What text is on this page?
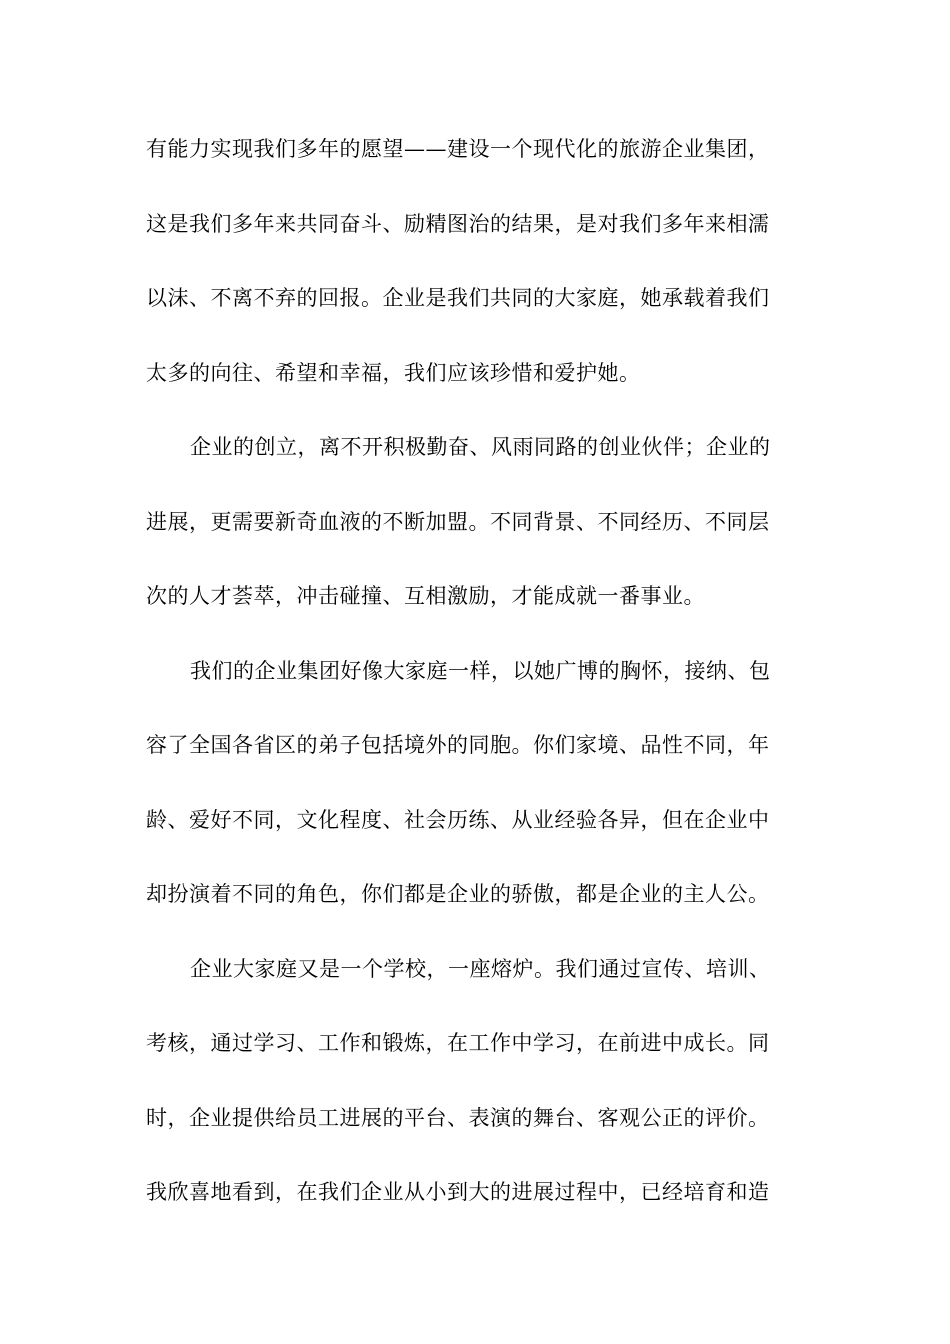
有能力实现我们多年的愿望——建设一个现代化的旅游企业集团，
这是我们多年来共同奋斗、励精图治的结果，是对我们多年来相濡
以沫、不离不弃的回报。企业是我们共同的大家庭，她承载着我们
太多的向往、希望和幸福，我们应该珍惜和爱护她。
企业的创立，离不开积极勤奋、风雨同路的创业伙伴；企业的
进展，更需要新奇血液的不断加盟。不同背景、不同经历、不同层
次的人才荟萃，冲击碰撞、互相激励，才能成就一番事业。
我们的企业集团好像大家庭一样，以她广博的胸怀，接纳、包
容了全国各省区的弟子包括境外的同胞。你们家境、品性不同，年
龄、爱好不同，文化程度、社会历练、从业经验各异，但在企业中
却扮演着不同的角色，你们都是企业的骄傲，都是企业的主人公。
企业大家庭又是一个学校，一座熔炉。我们通过宣传、培训、
考核，通过学习、工作和锻炼，在工作中学习，在前进中成长。同
时，企业提供给员工进展的平台、表演的舞台、客观公正的评价。
我欣喜地看到，在我们企业从小到大的进展过程中，已经培育和造
